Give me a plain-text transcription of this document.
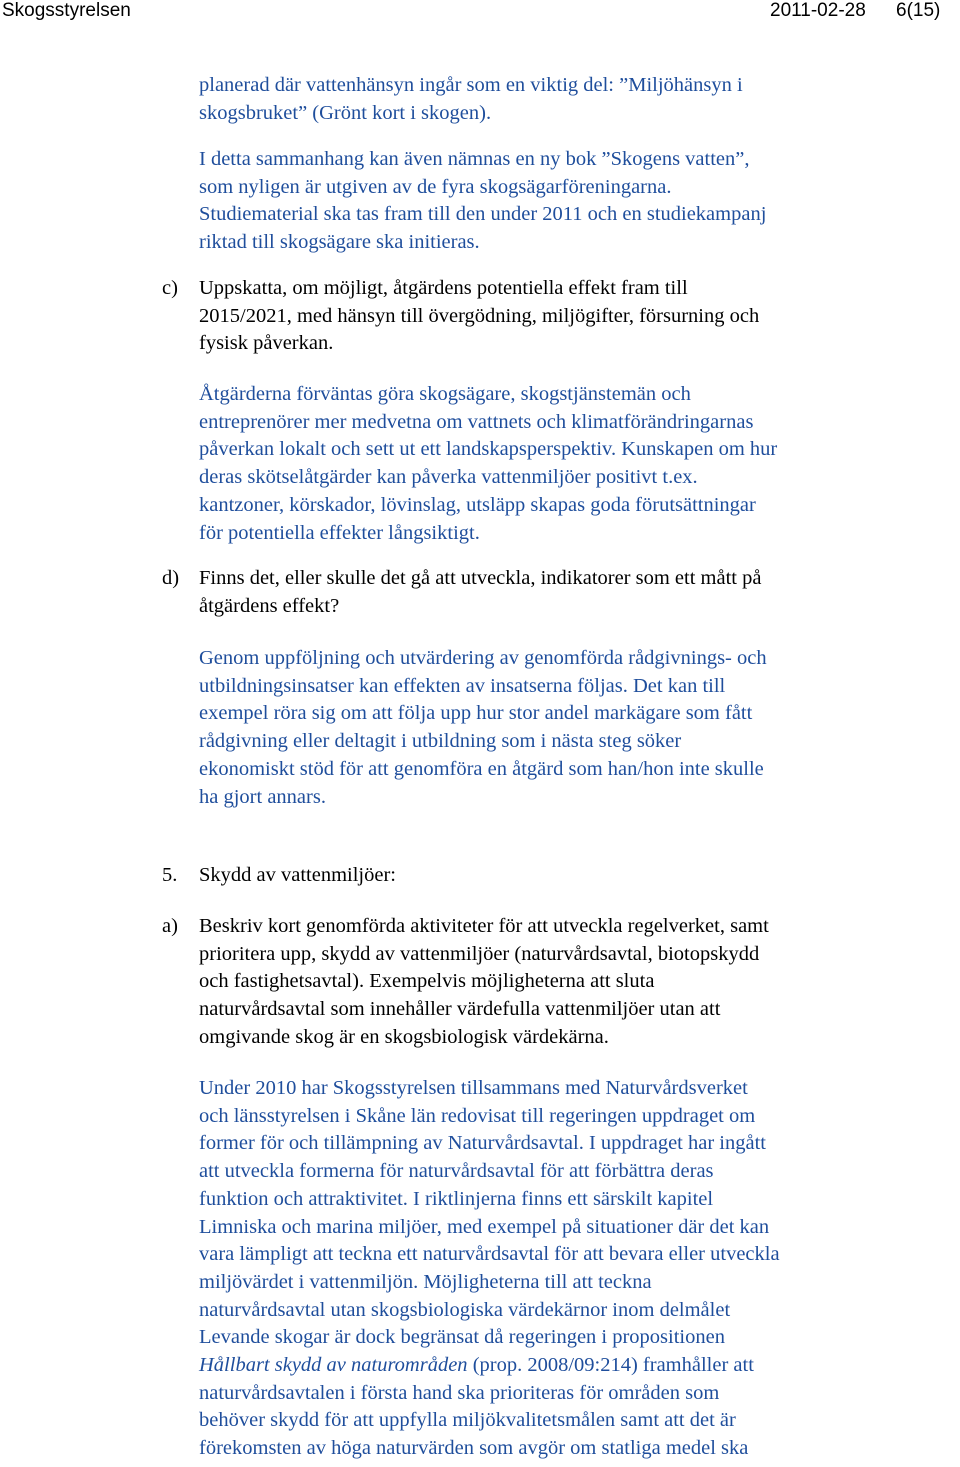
Skogsstyrelsen	2011-02-28 6(15)
planerad där vattenhänsyn ingår som en viktig del: ”Miljöhänsyn i
skogsbruket” (Grönt kort i skogen).
I detta sammanhang kan även nämnas en ny bok ”Skogens vatten”,
som nyligen är utgiven av de fyra skogsägarföreningarna.
Studiematerial ska tas fram till den under 2011 och en studiekampanj
riktad till skogsägare ska initieras.
c) Uppskatta, om möjligt, åtgärdens potentiella effekt fram till
2015/2021, med hänsyn till övergödning, miljögifter, försurning och
fysisk påverkan.
Åtgärderna förväntas göra skogsägare, skogstjänstemän och
entreprenörer mer medvetna om vattnets och klimatförändringarnas
påverkan lokalt och sett ut ett landskapsperspektiv. Kunskapen om hur
deras skötselåtgärder kan påverka vattenmiljöer positivt t.ex.
kantzoner, körskador, lövinslag, utsläpp skapas goda förutsättningar
för potentiella effekter långsiktigt.
d) Finns det, eller skulle det gå att utveckla, indikatorer som ett mått på
åtgärdens effekt?
Genom uppföljning och utvärdering av genomförda rådgivnings- och
utbildningsinsatser kan effekten av insatserna följas. Det kan till
exempel röra sig om att följa upp hur stor andel markägare som fått
rådgivning eller deltagit i utbildning som i nästa steg söker
ekonomiskt stöd för att genomföra en åtgärd som han/hon inte skulle
ha gjort annars.
5. Skydd av vattenmiljöer:
a) Beskriv kort genomförda aktiviteter för att utveckla regelverket, samt
prioritera upp, skydd av vattenmiljöer (naturvårdsavtal, biotopskydd
och fastighetsavtal). Exempelvis möjligheterna att sluta
naturvårdsavtal som innehåller värdefulla vattenmiljöer utan att
omgivande skog är en skogsbiologisk värdekärna.
Under 2010 har Skogsstyrelsen tillsammans med Naturvårdsverket
och länsstyrelsen i Skåne län redovisat till regeringen uppdraget om
former för och tillämpning av Naturvårdsavtal. I uppdraget har ingått
att utveckla formerna för naturvårdsavtal för att förbättra deras
funktion och attraktivitet. I riktlinjerna finns ett särskilt kapitel
Limniska och marina miljöer, med exempel på situationer där det kan
vara lämpligt att teckna ett naturvårdsavtal för att bevara eller utveckla
miljövärdet i vattenmiljön. Möjligheterna till att teckna
naturvårdsavtal utan skogsbiologiska värdekärnor inom delmålet
Levande skogar är dock begränsat då regeringen i propositionen
Hållbart skydd av naturområden (prop. 2008/09:214) framhåller att
naturvårdsavtalen i första hand ska prioriteras för områden som
behöver skydd för att uppfylla miljökvalitetsmålen samt att det är
förekomsten av höga naturvärden som avgör om statliga medel ska
